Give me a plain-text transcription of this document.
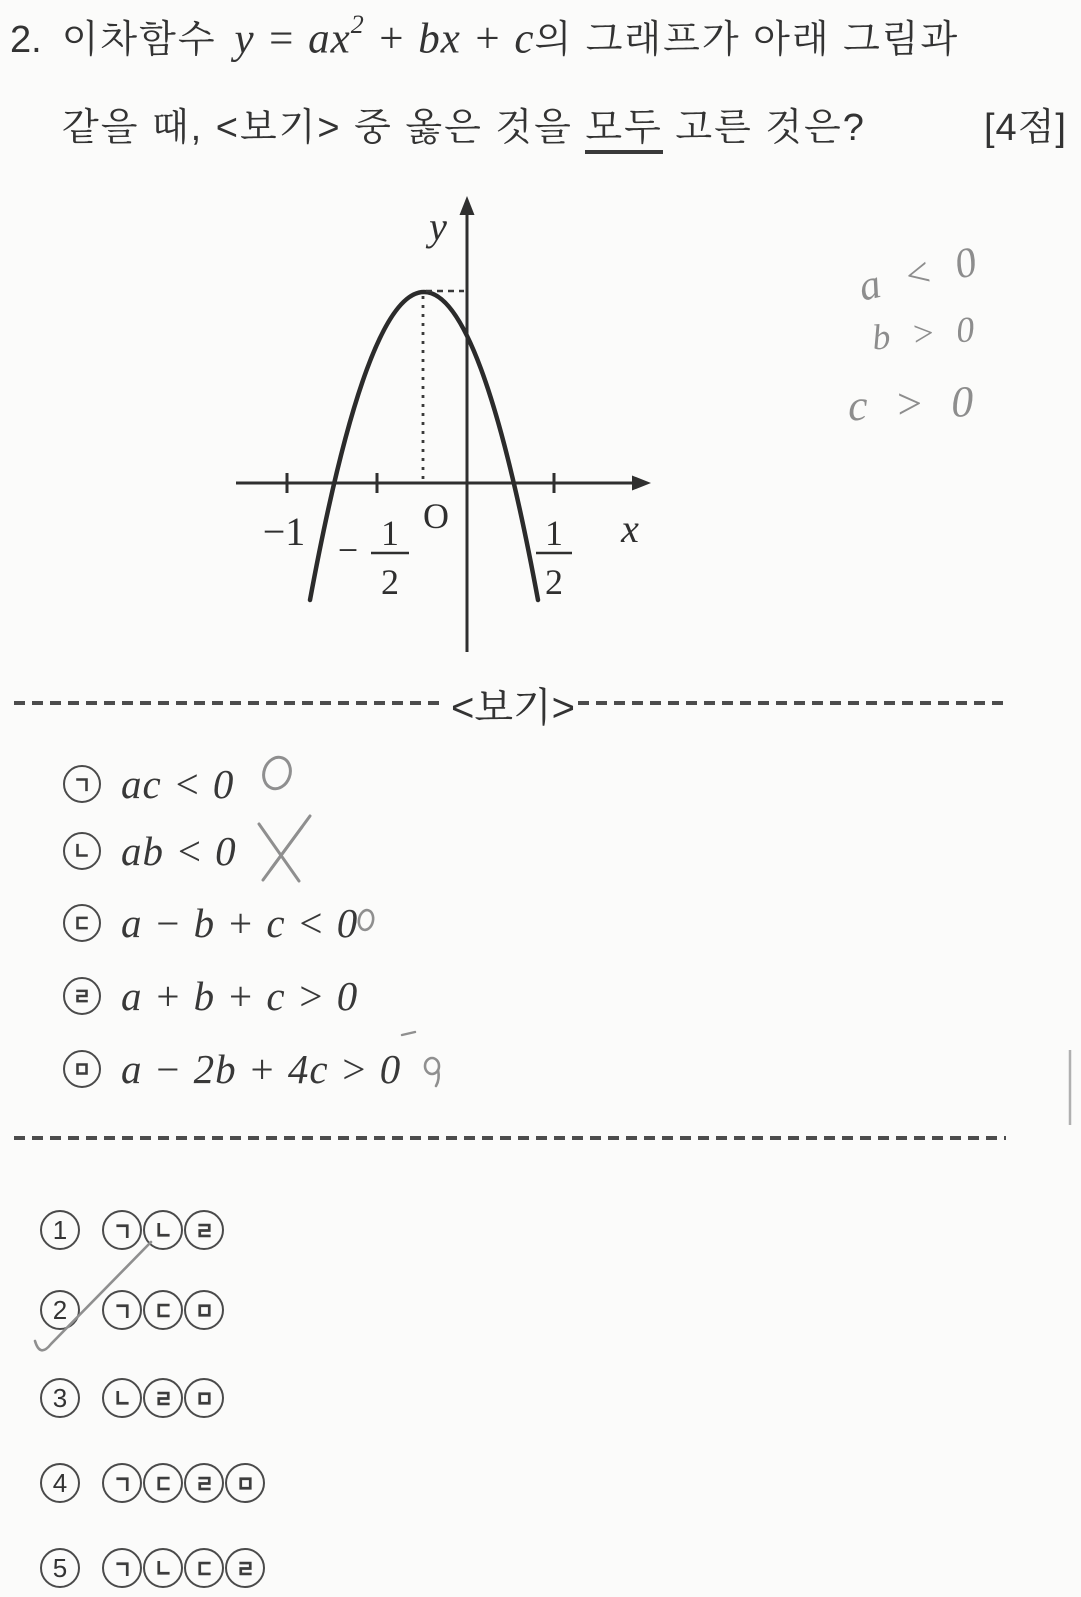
2. 이차함수 $y = ax^2$ + bx + c 의 그래프가 아래 그림과
같을 때, <보기> 중 옳은 것을 모두 고른 것은?	[4점]
y
x
O
−1 − 1
2
1
2
a < 0
b > 0
c > 0
<보기>
ac < 0
ab < 0
a − b + c < 0
a + b + c > 0
a − 2b + 4c > 0
1
2
3
4
5
